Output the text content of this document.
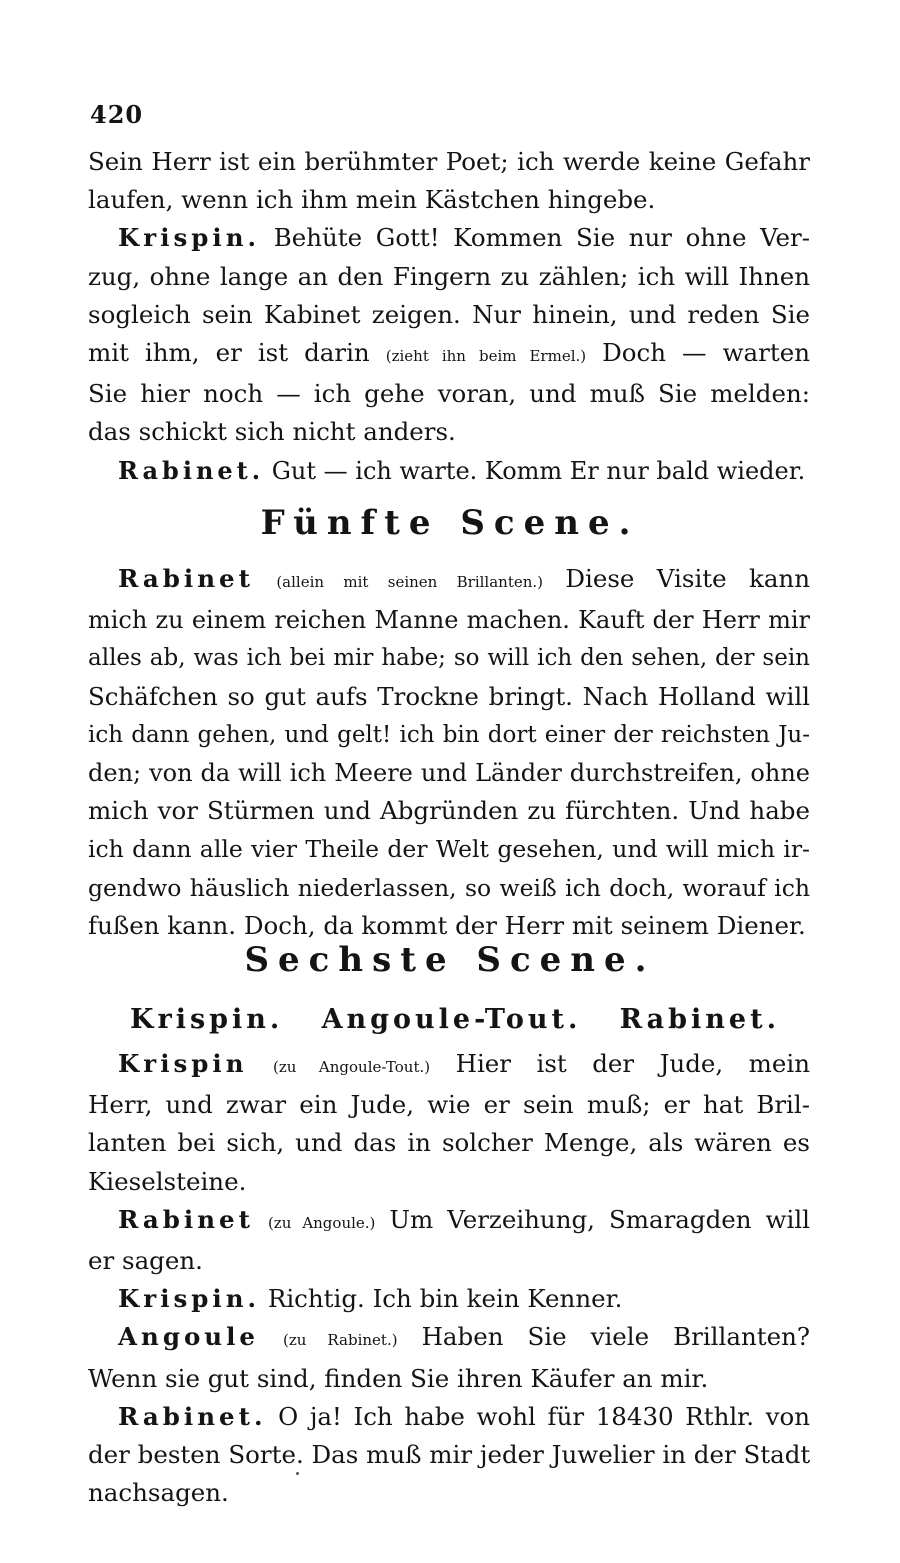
420
Sein Herr ist ein berühmter Poet; ich werde keine Gefahr
laufen, wenn ich ihm mein Kästchen hingebe.
Krispin. Behüte Gott! Kommen Sie nur ohne Ver-
zug, ohne lange an den Fingern zu zählen; ich will Ihnen
sogleich sein Kabinet zeigen. Nur hinein, und reden Sie
mit ihm, er ist darin (zieht ihn beim Ermel.) Doch — warten
Sie hier noch — ich gehe voran, und muß Sie melden:
das schickt sich nicht anders.
Rabinet. Gut — ich warte. Komm Er nur bald wieder.
Fünfte Scene.
Rabinet (allein mit seinen Brillanten.) Diese Visite kann
mich zu einem reichen Manne machen. Kauft der Herr mir
alles ab, was ich bei mir habe; so will ich den sehen, der sein
Schäfchen so gut aufs Trockne bringt. Nach Holland will
ich dann gehen, und gelt! ich bin dort einer der reichsten Ju-
den; von da will ich Meere und Länder durchstreifen, ohne
mich vor Stürmen und Abgründen zu fürchten. Und habe
ich dann alle vier Theile der Welt gesehen, und will mich ir-
gendwo häuslich niederlassen, so weiß ich doch, worauf ich
fußen kann. Doch, da kommt der Herr mit seinem Diener.
Sechste Scene.
Krispin. Angoule-Tout. Rabinet.
Krispin (zu Angoule-Tout.) Hier ist der Jude, mein
Herr, und zwar ein Jude, wie er sein muß; er hat Bril-
lanten bei sich, und das in solcher Menge, als wären es
Kieselsteine.
Rabinet (zu Angoule.) Um Verzeihung, Smaragden will
er sagen.
Krispin. Richtig. Ich bin kein Kenner.
Angoule (zu Rabinet.) Haben Sie viele Brillanten?
Wenn sie gut sind, finden Sie ihren Käufer an mir.
Rabinet. O ja! Ich habe wohl für 18430 Rthlr. von
der besten Sorte. Das muß mir jeder Juwelier in der Stadt
nachsagen.
